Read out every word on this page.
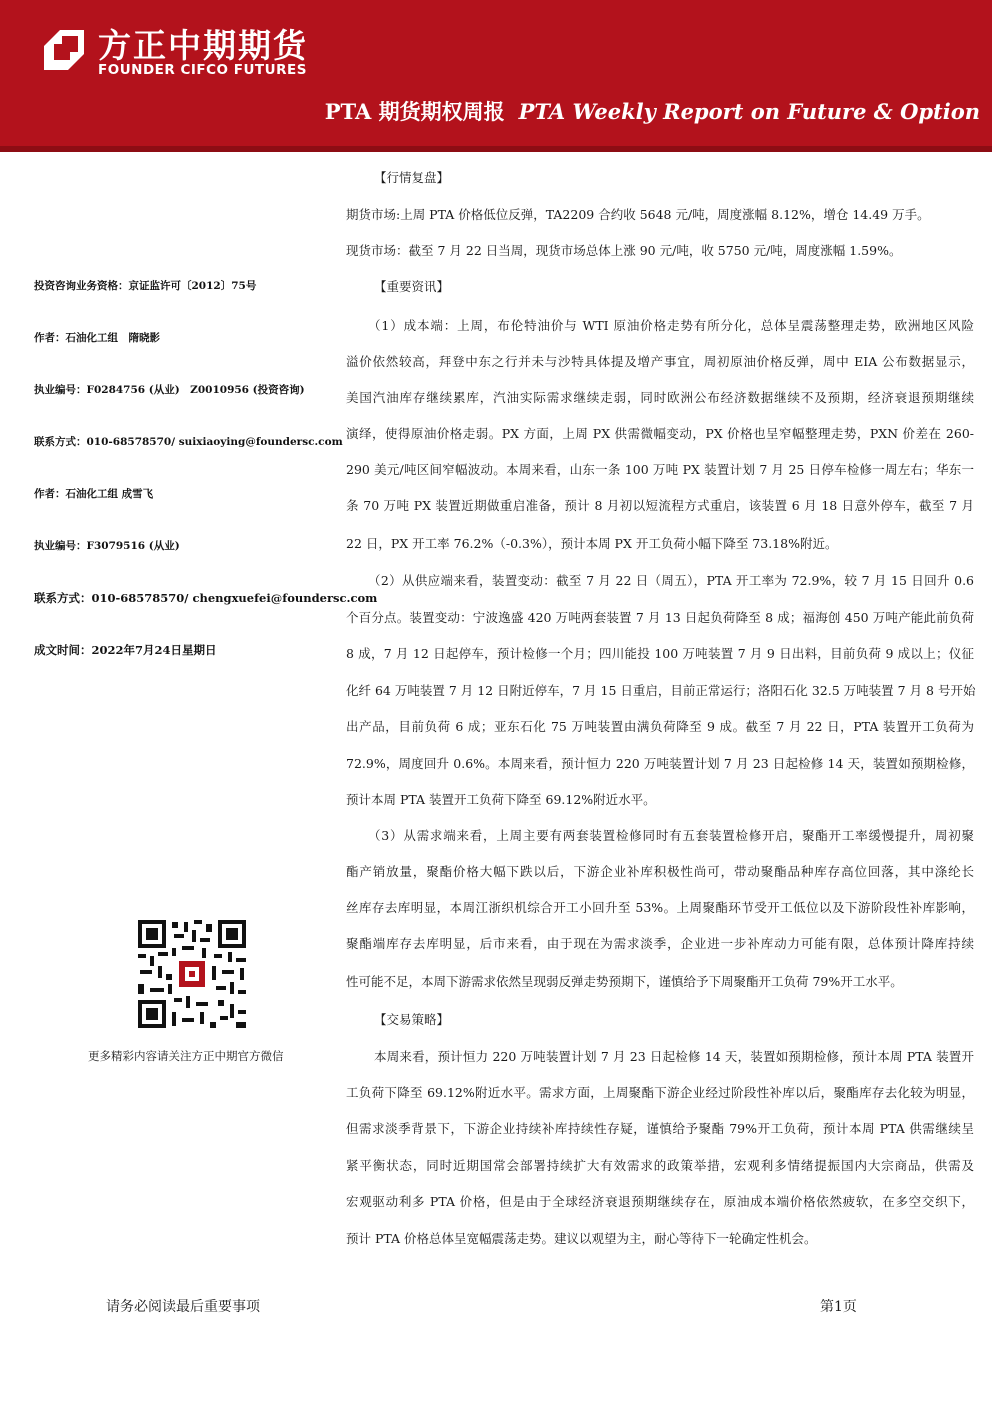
方正中期期货
FOUNDER CIFCO FUTURES
PTA 期货期权周报 PTA Weekly Report on Future & Option
投资咨询业务资格：京证监许可〔2012〕75号
作者：石油化工组　隋晓影
执业编号：F0284756 (从业)　Z0010956 (投资咨询)
联系方式：010-68578570/ suixiaoying@foundersc.com
作者：石油化工组 成雪飞
执业编号：F3079516 (从业)
联系方式：010-68578570/ chengxuefei@foundersc.com
成文时间：2022年7月24日星期日
更多精彩内容请关注方正中期官方微信
【行情复盘】
期货市场:上周 PTA 价格低位反弹，TA2209 合约收 5648 元/吨，周度涨幅 8.12%，增仓 14.49 万手。
现货市场：截至 7 月 22 日当周，现货市场总体上涨 90 元/吨，收 5750 元/吨，周度涨幅 1.59%。
【重要资讯】
（1）成本端：上周，布伦特油价与 WTI 原油价格走势有所分化，总体呈震荡整理走势，欧洲地区风险
溢价依然较高，拜登中东之行并未与沙特具体提及增产事宜，周初原油价格反弹，周中 EIA 公布数据显示，
美国汽油库存继续累库，汽油实际需求继续走弱，同时欧洲公布经济数据继续不及预期，经济衰退预期继续
演绎，使得原油价格走弱。PX 方面，上周 PX 供需微幅变动，PX 价格也呈窄幅整理走势，PXN 价差在 260-
290 美元/吨区间窄幅波动。本周来看，山东一条 100 万吨 PX 装置计划 7 月 25 日停车检修一周左右；华东一
条 70 万吨 PX 装置近期做重启准备，预计 8 月初以短流程方式重启，该装置 6 月 18 日意外停车，截至 7 月
22 日，PX 开工率 76.2%（-0.3%），预计本周 PX 开工负荷小幅下降至 73.18%附近。
（2）从供应端来看，装置变动：截至 7 月 22 日（周五），PTA 开工率为 72.9%，较 7 月 15 日回升 0.6
个百分点。装置变动：宁波逸盛 420 万吨两套装置 7 月 13 日起负荷降至 8 成；福海创 450 万吨产能此前负荷
8 成，7 月 12 日起停车，预计检修一个月；四川能投 100 万吨装置 7 月 9 日出料，目前负荷 9 成以上；仪征
化纤 64 万吨装置 7 月 12 日附近停车，7 月 15 日重启，目前正常运行；洛阳石化 32.5 万吨装置 7 月 8 号开始
出产品，目前负荷 6 成；亚东石化 75 万吨装置由满负荷降至 9 成。截至 7 月 22 日，PTA 装置开工负荷为
72.9%，周度回升 0.6%。本周来看，预计恒力 220 万吨装置计划 7 月 23 日起检修 14 天，装置如预期检修，
预计本周 PTA 装置开工负荷下降至 69.12%附近水平。
（3）从需求端来看，上周主要有两套装置检修同时有五套装置检修开启，聚酯开工率缓慢提升，周初聚
酯产销放量，聚酯价格大幅下跌以后，下游企业补库积极性尚可，带动聚酯品种库存高位回落，其中涤纶长
丝库存去库明显，本周江浙织机综合开工小回升至 53%。上周聚酯环节受开工低位以及下游阶段性补库影响，
聚酯端库存去库明显，后市来看，由于现在为需求淡季，企业进一步补库动力可能有限，总体预计降库持续
性可能不足，本周下游需求依然呈现弱反弹走势预期下，谨慎给予下周聚酯开工负荷 79%开工水平。
【交易策略】
本周来看，预计恒力 220 万吨装置计划 7 月 23 日起检修 14 天，装置如预期检修，预计本周 PTA 装置开
工负荷下降至 69.12%附近水平。需求方面，上周聚酯下游企业经过阶段性补库以后，聚酯库存去化较为明显，
但需求淡季背景下，下游企业持续补库持续性存疑，谨慎给予聚酯 79%开工负荷，预计本周 PTA 供需继续呈
紧平衡状态，同时近期国常会部署持续扩大有效需求的政策举措，宏观利多情绪提振国内大宗商品，供需及
宏观驱动利多 PTA 价格，但是由于全球经济衰退预期继续存在，原油成本端价格依然疲软，在多空交织下，
预计 PTA 价格总体呈宽幅震荡走势。建议以观望为主，耐心等待下一轮确定性机会。
请务必阅读最后重要事项	第1页
